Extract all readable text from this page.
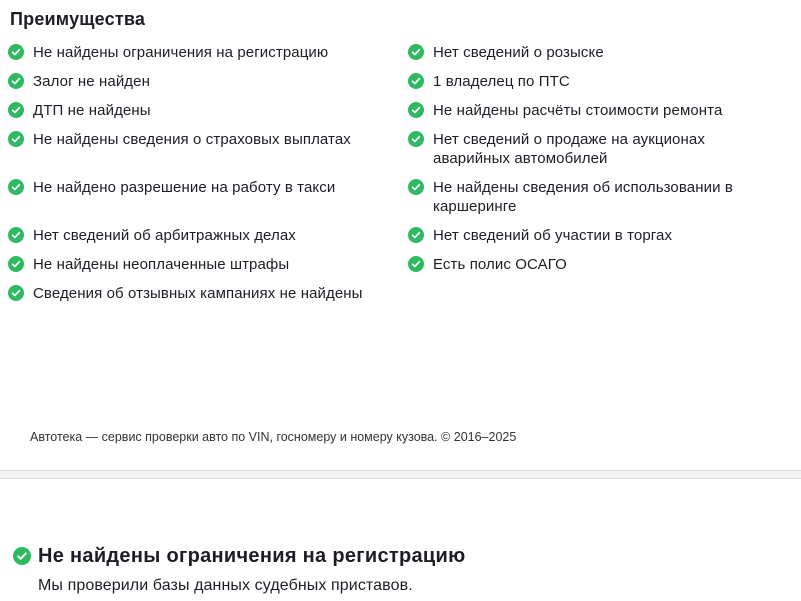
Преимущества
Не найдены ограничения на регистрацию	Нет сведений о розыске
Залог не найден	1 владелец по ПТС
ДТП не найдены	Не найдены расчёты стоимости ремонта
Не найдены сведения о страховых выплатах	Нет сведений о продаже на аукционах аварийных автомобилей
Не найдено разрешение на работу в такси	Не найдены сведения об использовании в каршеринге
Нет сведений об арбитражных делах	Нет сведений об участии в торгах
Не найдены неоплаченные штрафы	Есть полис ОСАГО
Сведения об отзывных кампаниях не найдены
Автотека — сервис проверки авто по VIN, госномеру и номеру кузова. © 2016–2025
Не найдены ограничения на регистрацию

Мы проверили базы данных судебных приставов.
